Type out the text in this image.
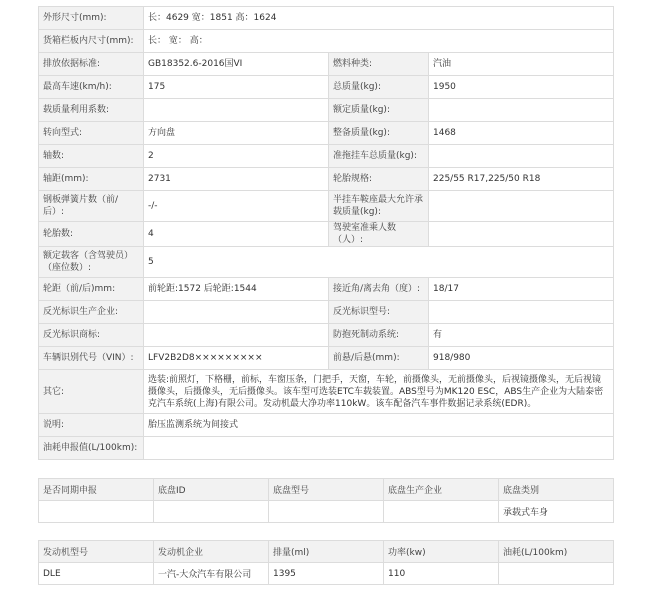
外形尺寸(mm):	长：4629 宽：1851 高：1624		
货箱栏板内尺寸(mm):	长： 宽： 高：		
排放依据标准:	GB18352.6-2016国VI	燃料种类:	汽油
最高车速(km/h):	175	总质量(kg):	1950
载质量利用系数:		额定质量(kg):	
转向型式:	方向盘	整备质量(kg):	1468
轴数:	2	准拖挂车总质量(kg):	
轴距(mm):	2731	轮胎规格:	225/55 R17,225/50 R18
钢板弹簧片数（前/后）:	-/-	半挂车鞍座最大允许承载质量(kg):	
轮胎数:	4	驾驶室准乘人数（人）:	
额定载客（含驾驶员）（座位数）:	5		
轮距（前/后)mm:	前轮距:1572 后轮距:1544	接近角/离去角（度）:	18/17
反光标识生产企业:		反光标识型号:	
反光标识商标:		防抱死制动系统:	有
车辆识别代号（VIN）:	LFV2B2D8×××××××××	前悬/后悬(mm):	918/980
其它:	选装:前照灯，下格栅，前标，车窗压条，门把手，天窗，车轮，前摄像头，无前摄像头，后视镜摄像头，无后视镜摄像头，后摄像头，无后摄像头。该车型可选装ETC车载装置。ABS型号为MK120 ESC，ABS生产企业为大陆泰密克汽车系统(上海)有限公司。发动机最大净功率110kW。该车配备汽车事件数据记录系统(EDR)。		
说明:	胎压监测系统为间接式		
油耗申报值(L/100km):			
是否同期申报	底盘ID	底盘型号	底盘生产企业	底盘类别
				承载式车身
发动机型号	发动机企业	排量(ml)	功率(kw)	油耗(L/100km)
DLE	一汽-大众汽车有限公司	1395	110	
